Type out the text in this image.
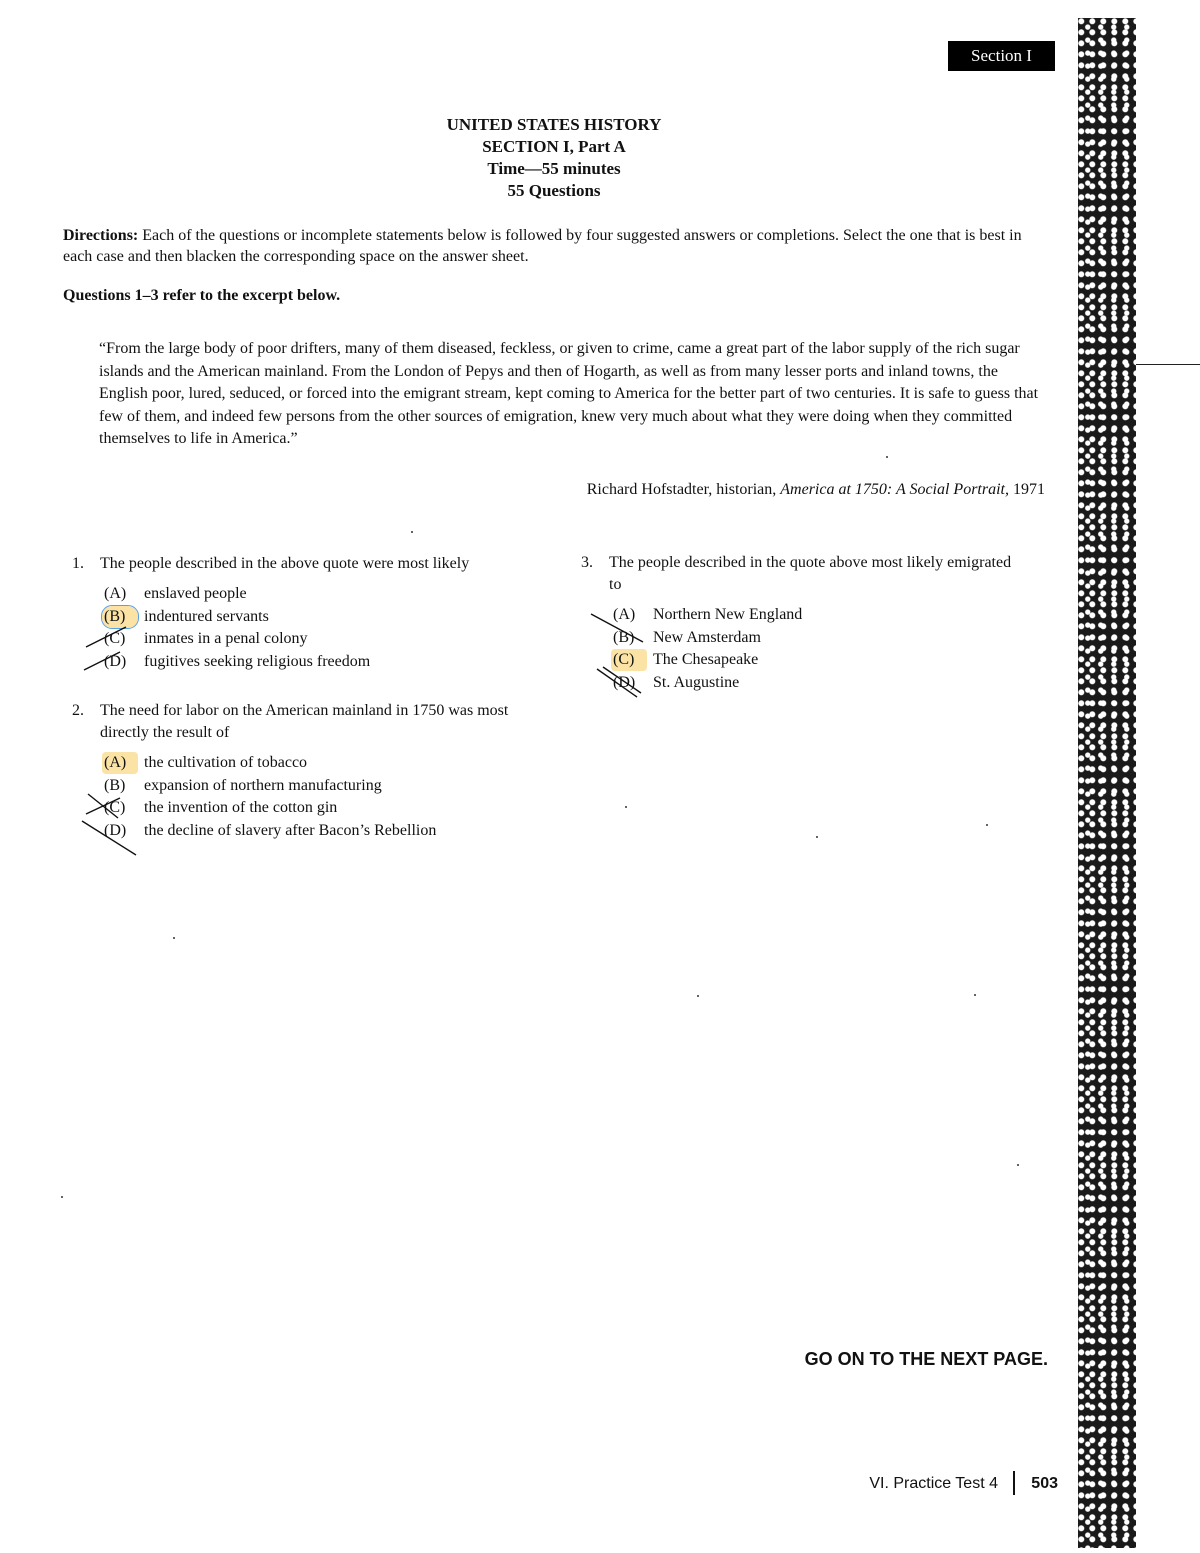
Section I
UNITED STATES HISTORY
SECTION I, Part A
Time—55 minutes
55 Questions
Directions: Each of the questions or incomplete statements below is followed by four suggested answers or completions. Select the one that is best in each case and then blacken the corresponding space on the answer sheet.
Questions 1–3 refer to the excerpt below.
“From the large body of poor drifters, many of them diseased, feckless, or given to crime, came a great part of the labor supply of the rich sugar islands and the American mainland. From the London of Pepys and then of Hogarth, as well as from many lesser ports and inland towns, the English poor, lured, seduced, or forced into the emigrant stream, kept coming to America for the better part of two centuries. It is safe to guess that few of them, and indeed few persons from the other sources of emigration, knew very much about what they were doing when they committed themselves to life in America.”
Richard Hofstadter, historian, America at 1750: A Social Portrait, 1971
1. The people described in the above quote were most likely
(A)	enslaved people
(B)	indentured servants
(C)	inmates in a penal colony
(D)	fugitives seeking religious freedom
2. The need for labor on the American mainland in 1750 was most directly the result of
(A)	the cultivation of tobacco
(B)	expansion of northern manufacturing
(C)	the invention of the cotton gin
(D)	the decline of slavery after Bacon’s Rebellion
3. The people described in the quote above most likely emigrated to
(A)	Northern New England
(B)	New Amsterdam
(C)	The Chesapeake
(D)	St. Augustine
GO ON TO THE NEXT PAGE.
VI. Practice Test 4 503
